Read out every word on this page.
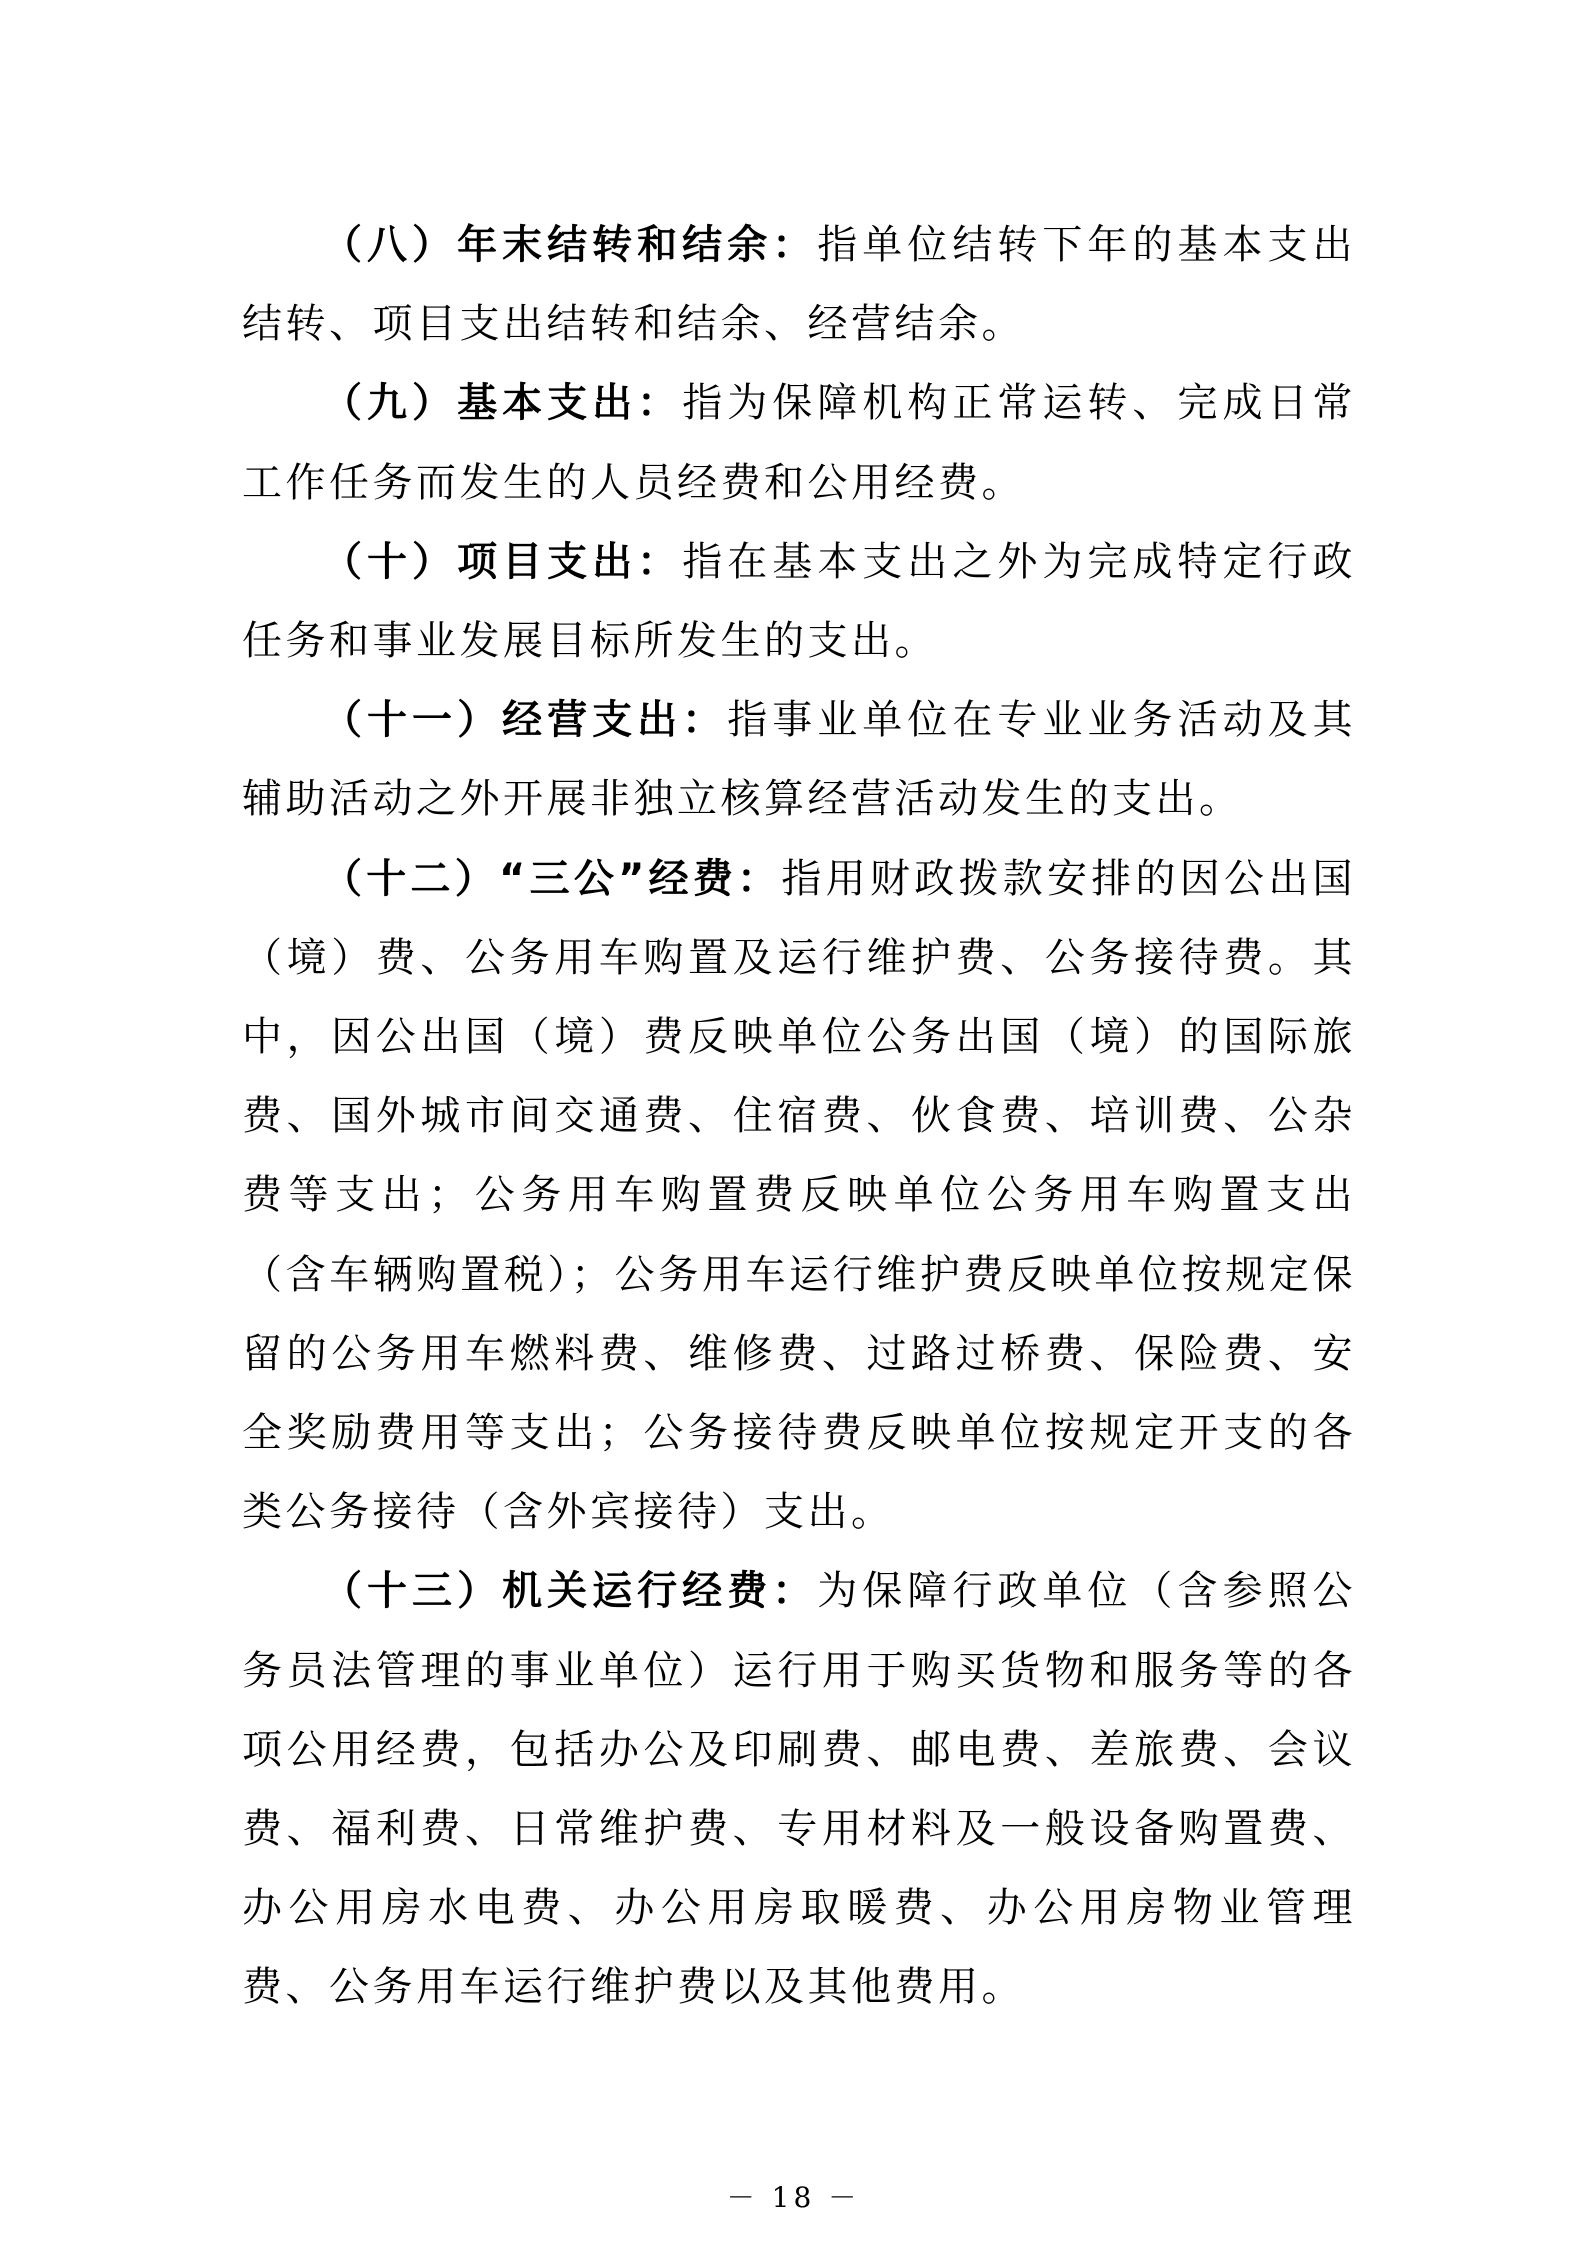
（八）年末结转和结余：指单位结转下年的基本支出结转、项目支出结转和结余、经营结余。

（九）基本支出：指为保障机构正常运转、完成日常工作任务而发生的人员经费和公用经费。

（十）项目支出：指在基本支出之外为完成特定行政任务和事业发展目标所发生的支出。

（十一）经营支出：指事业单位在专业业务活动及其辅助活动之外开展非独立核算经营活动发生的支出。

（十二）“三公”经费：指用财政拨款安排的因公出国（境）费、公务用车购置及运行维护费、公务接待费。其中，因公出国（境）费反映单位公务出国（境）的国际旅费、国外城市间交通费、住宿费、伙食费、培训费、公杂费等支出；公务用车购置费反映单位公务用车购置支出（含车辆购置税）；公务用车运行维护费反映单位按规定保留的公务用车燃料费、维修费、过路过桥费、保险费、安全奖励费用等支出；公务接待费反映单位按规定开支的各类公务接待（含外宾接待）支出。

（十三）机关运行经费：为保障行政单位（含参照公务员法管理的事业单位）运行用于购买货物和服务等的各项公用经费，包括办公及印刷费、邮电费、差旅费、会议费、福利费、日常维护费、专用材料及一般设备购置费、办公用房水电费、办公用房取暖费、办公用房物业管理费、公务用车运行维护费以及其他费用。

－ 18 －
